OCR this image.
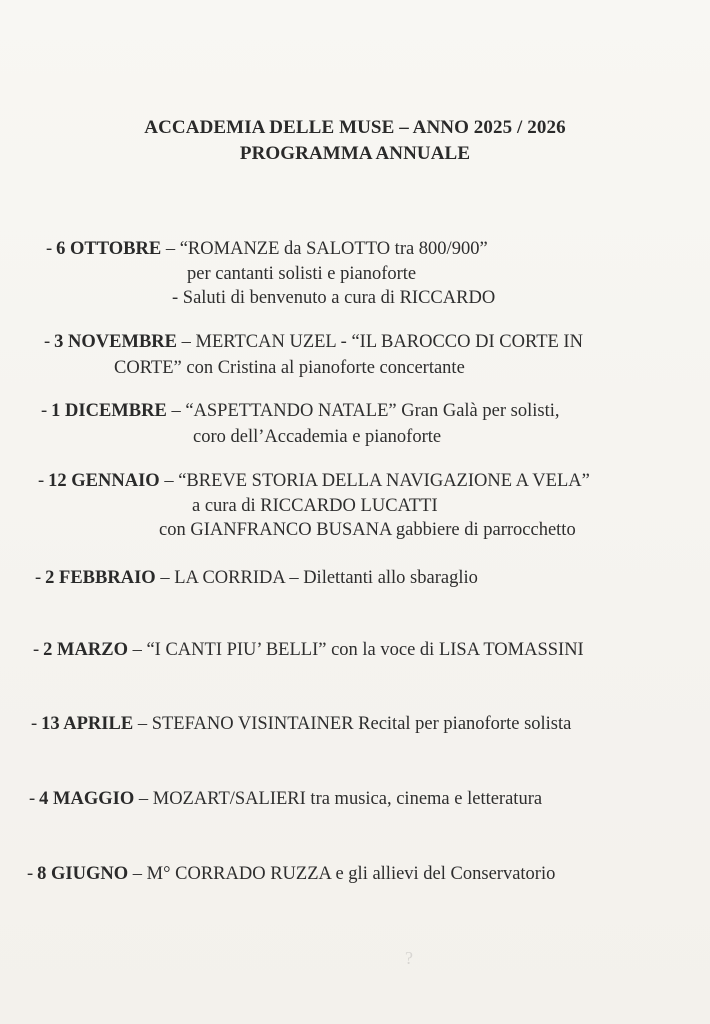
ACCADEMIA DELLE MUSE – ANNO 2025 / 2026
PROGRAMMA ANNUALE
- 6 OTTOBRE – “ROMANZE da SALOTTO tra 800/900”
per cantanti solisti e pianoforte
- Saluti di benvenuto a cura di RICCARDO
- 3 NOVEMBRE – MERTCAN UZEL - “IL BAROCCO DI CORTE IN
CORTE” con Cristina al pianoforte concertante
- 1 DICEMBRE – “ASPETTANDO NATALE” Gran Galà per solisti,
coro dell’Accademia e pianoforte
- 12 GENNAIO – “BREVE STORIA DELLA NAVIGAZIONE A VELA”
a cura di RICCARDO LUCATTI
con GIANFRANCO BUSANA gabbiere di parrocchetto
- 2 FEBBRAIO – LA CORRIDA – Dilettanti allo sbaraglio
- 2 MARZO – “I CANTI PIU’ BELLI” con la voce di LISA TOMASSINI
- 13 APRILE – STEFANO VISINTAINER Recital per pianoforte solista
- 4 MAGGIO – MOZART/SALIERI tra musica, cinema e letteratura
- 8 GIUGNO – M° CORRADO RUZZA e gli allievi del Conservatorio
?
